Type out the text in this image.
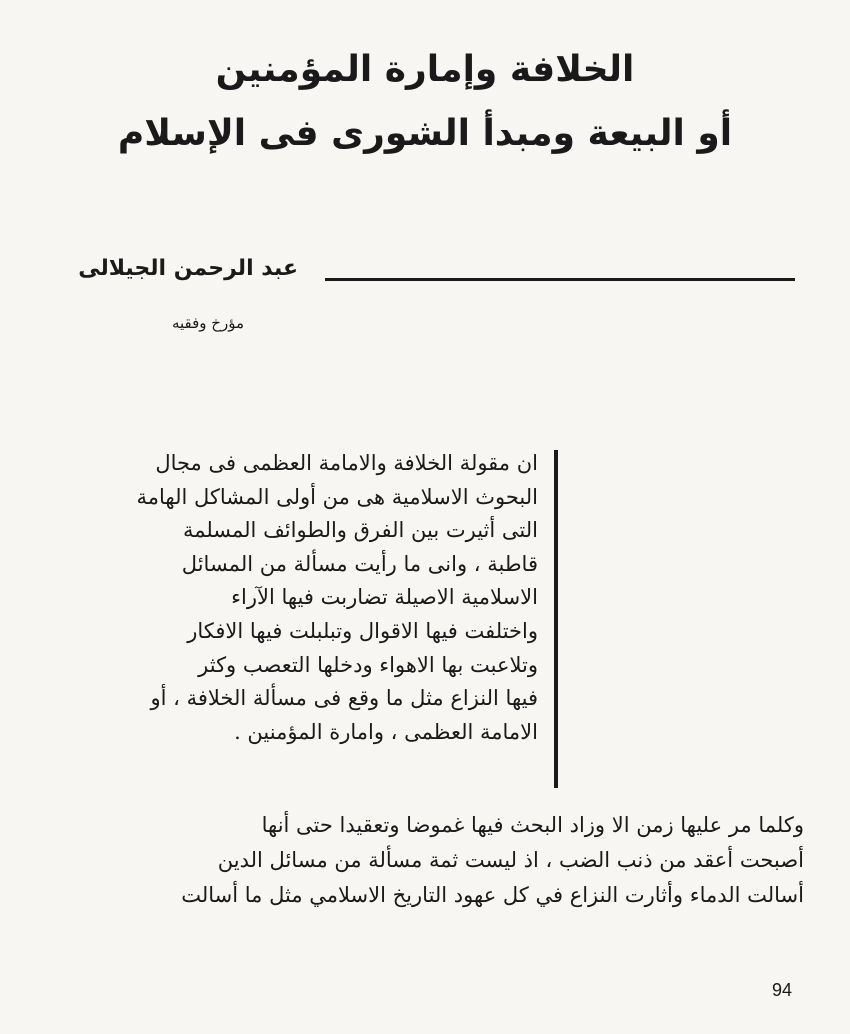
الخلافة وإمارة المؤمنين
أو البيعة ومبدأ الشورى فى الإسلام
عبد الرحمن الجيلالى
مؤرخ وفقيه
ان مقولة الخلافة والامامة العظمى فى مجال
البحوث الاسلامية هى من أولى المشاكل الهامة
التى أثيرت بين الفرق والطوائف المسلمة
قاطبة ، وانى ما رأيت مسألة من المسائل
الاسلامية الاصيلة تضاربت فيها الآراء
واختلفت فيها الاقوال وتبلبلت فيها الافكار
وتلاعبت بها الاهواء ودخلها التعصب وكثر
فيها النزاع مثل ما وقع فى مسألة الخلافة ، أو
الامامة العظمى ، وامارة المؤمنين .
وكلما مر عليها زمن الا وزاد البحث فيها غموضا وتعقيدا حتى أنها
أصبحت أعقد من ذنب الضب ، اذ ليست ثمة مسألة من مسائل الدين
أسالت الدماء وأثارت النزاع في كل عهود التاريخ الاسلامي مثل ما أسالت
94
